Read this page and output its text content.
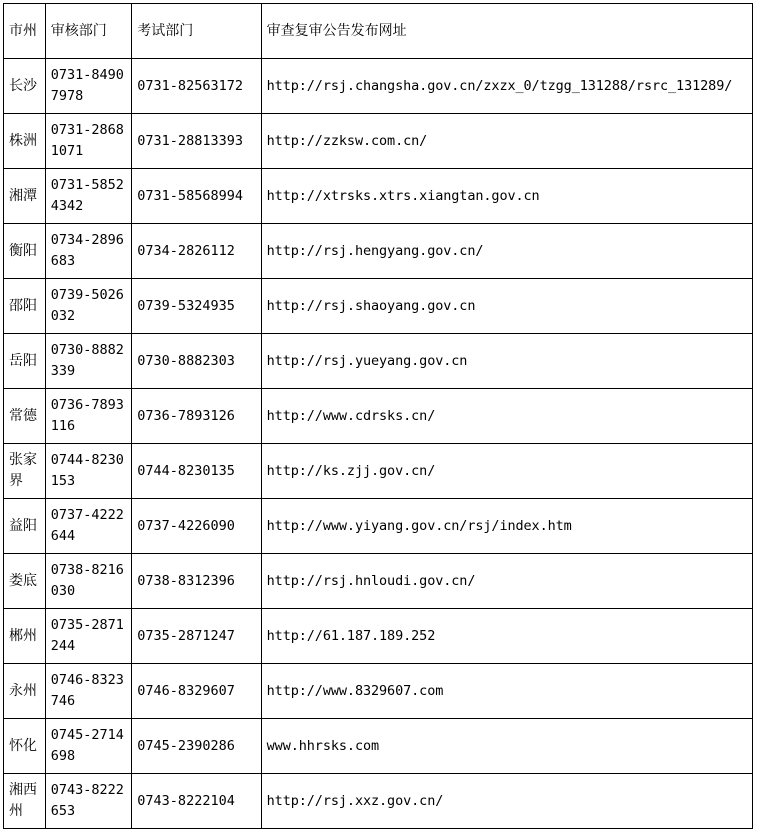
市州	审核部门	考试部门	审查复审公告发布网址

长沙	0731-84907978	0731-82563172	http://rsj.changsha.gov.cn/zxzx_0/tzgg_131288/rsrc_131289/

株洲	0731-28681071	0731-28813393	http://zzksw.com.cn/

湘潭	0731-58524342	0731-58568994	http://xtrsks.xtrs.xiangtan.gov.cn

衡阳	0734-2896683	0734-2826112	http://rsj.hengyang.gov.cn/

邵阳	0739-5026032	0739-5324935	http://rsj.shaoyang.gov.cn

岳阳	0730-8882339	0730-8882303	http://rsj.yueyang.gov.cn

常德	0736-7893116	0736-7893126	http://www.cdrsks.cn/

张家界	0744-8230153	0744-8230135	http://ks.zjj.gov.cn/

益阳	0737-4222644	0737-4226090	http://www.yiyang.gov.cn/rsj/index.htm

娄底	0738-8216030	0738-8312396	http://rsj.hnloudi.gov.cn/

郴州	0735-2871244	0735-2871247	http://61.187.189.252

永州	0746-8323746	0746-8329607	http://www.8329607.com

怀化	0745-2714698	0745-2390286	www.hhrsks.com

湘西州	0743-8222653	0743-8222104	http://rsj.xxz.gov.cn/
